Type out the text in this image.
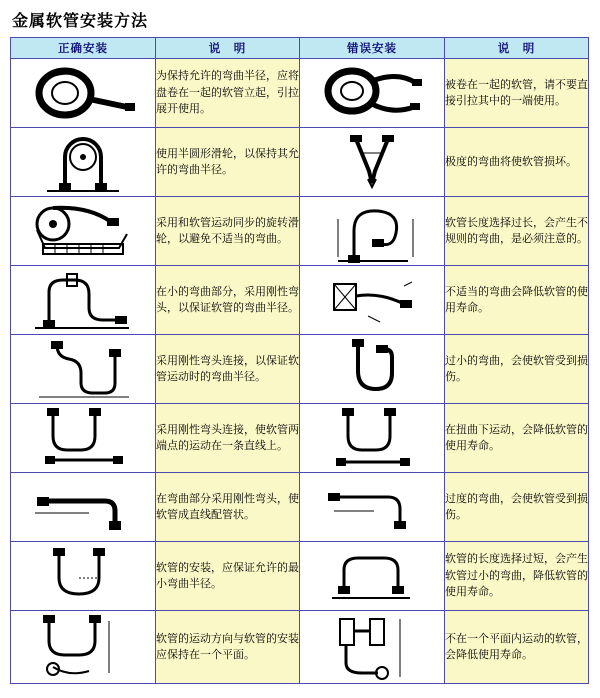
金属软管安装方法
正确安装	说　明	错误安装	说　明

	为保持允许的弯曲半径，应将盘卷在一起的软管立起，引拉展开使用。		被卷在一起的软管，请不要直接引拉其中的一端使用。

	使用半圆形滑轮，以保持其允许的弯曲半径。		极度的弯曲将使软管损坏。

	采用和软管运动同步的旋转滑轮，以避免不适当的弯曲。		软管长度选择过长，会产生不规则的弯曲，是必须注意的。

	在小的弯曲部分，采用刚性弯头，以保证软管的弯曲半径。		不适当的弯曲会降低软管的使用寿命。

	采用刚性弯头连接，以保证软管运动时的弯曲半径。		过小的弯曲，会使软管受到损伤。

	采用刚性弯头连接，使软管两端点的运动在一条直线上。		在扭曲下运动，会降低软管的使用寿命。

	在弯曲部分采用刚性弯头，使软管成直线配管状。		过度的弯曲，会使软管受到损伤。

	软管的安装，应保证允许的最小弯曲半径。		软管的长度选择过短，会产生软管过小的弯曲，降低软管的使用寿命。

	软管的运动方向与软管的安装应保持在一个平面。		不在一个平面内运动的软管，会降低使用寿命。
